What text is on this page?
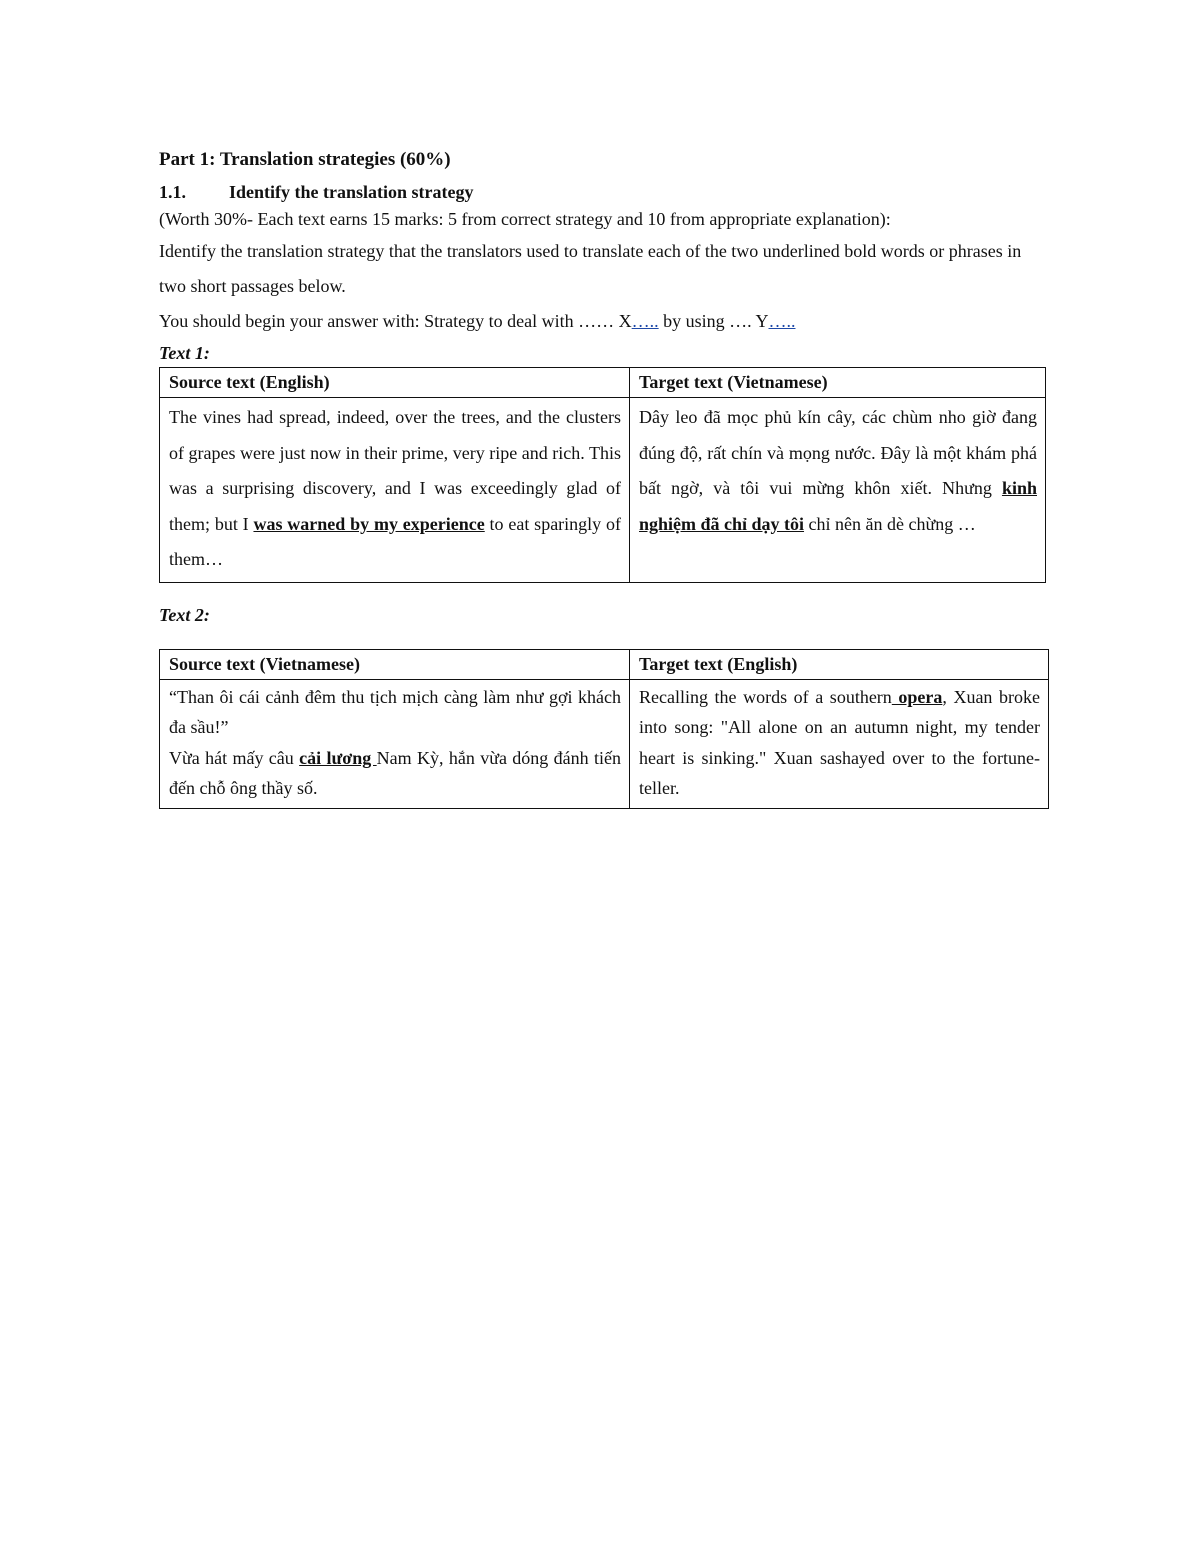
Part 1: Translation strategies (60%)
1.1.	Identify the translation strategy

(Worth 30%- Each text earns 15 marks: 5 from correct strategy and 10 from appropriate explanation):

Identify the translation strategy that the translators used to translate each of the two underlined bold words or phrases in two short passages below.

You should begin your answer with: Strategy to deal with …… X….. by using …. Y…..

Text 1:
Source text (English)	Target text (Vietnamese)
The vines had spread, indeed, over the trees, and the clusters of grapes were just now in their prime, very ripe and rich. This was a surprising discovery, and I was exceedingly glad of them; but I was warned by my experience to eat sparingly of them…	Dây leo đã mọc phủ kín cây, các chùm nho giờ đang đúng độ, rất chín và mọng nước. Đây là một khám phá bất ngờ, và tôi vui mừng khôn xiết. Nhưng kinh nghiệm đã chỉ dạy tôi chỉ nên ăn dè chừng …
Text 2:
Source text (Vietnamese)	Target text (English)

“Than ôi cái cảnh đêm thu tịch mịch càng làm như gợi khách đa sầu!”
Vừa hát mấy câu cải lương Nam Kỳ, hắn vừa dóng đánh tiến đến chỗ ông thầy số.	Recalling the words of a southern opera, Xuan broke into song: "All alone on an autumn night, my tender heart is sinking." Xuan sashayed over to the fortune-teller.
